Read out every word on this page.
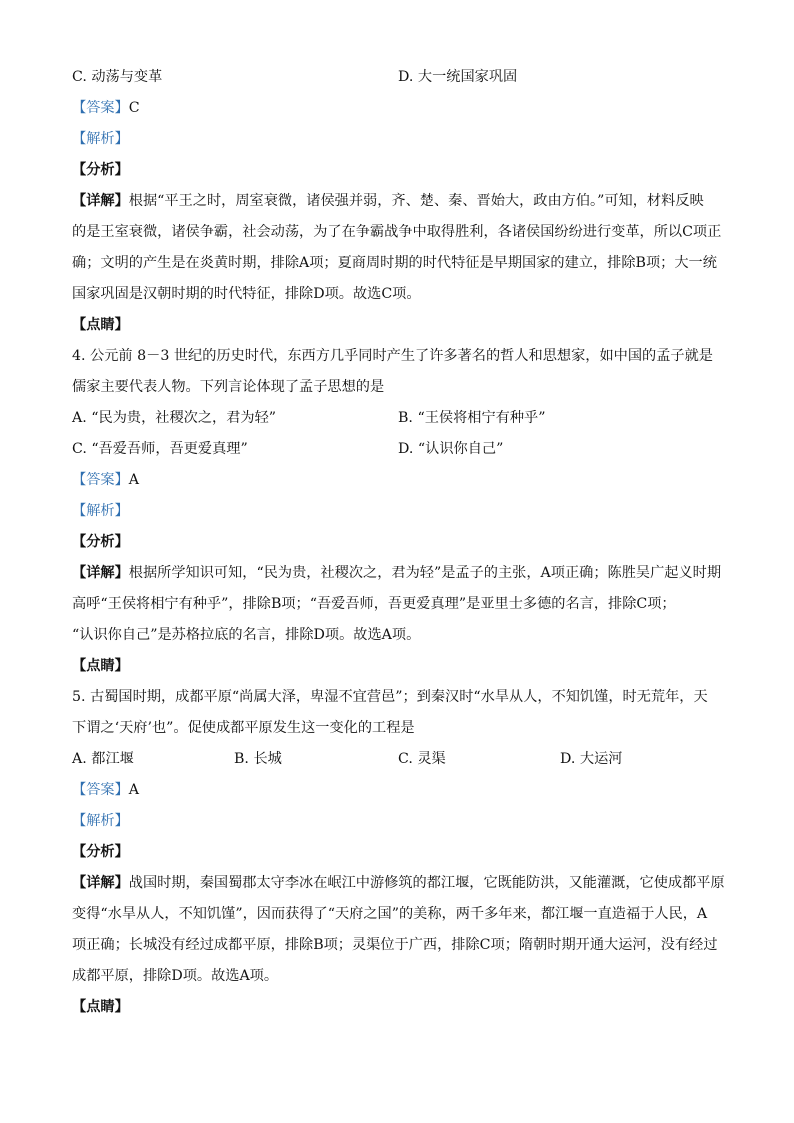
C. 动荡与变革	D. 大一统国家巩固
【答案】C
【解析】
【分析】
【详解】根据“平王之时，周室衰微，诸侯强并弱，齐、楚、秦、晋始大，政由方伯。”可知，材料反映
的是王室衰微，诸侯争霸，社会动荡，为了在争霸战争中取得胜利，各诸侯国纷纷进行变革，所以C项正
确；文明的产生是在炎黄时期，排除A项；夏商周时期的时代特征是早期国家的建立，排除B项；大一统
国家巩固是汉朝时期的时代特征，排除D项。故选C项。
【点睛】
4. 公元前 8－3 世纪的历史时代，东西方几乎同时产生了许多著名的哲人和思想家，如中国的孟子就是
儒家主要代表人物。下列言论体现了孟子思想的是
A. “民为贵，社稷次之，君为轻”	B. “王侯将相宁有种乎”
C. “吾爱吾师，吾更爱真理”	D. “认识你自己”
【答案】A
【解析】
【分析】
【详解】根据所学知识可知，“民为贵，社稷次之，君为轻”是孟子的主张，A项正确；陈胜吴广起义时期
高呼“王侯将相宁有种乎”，排除B项；“吾爱吾师，吾更爱真理”是亚里士多德的名言，排除C项；
“认识你自己”是苏格拉底的名言，排除D项。故选A项。
【点睛】
5. 古蜀国时期，成都平原“尚属大泽，卑湿不宜营邑”；到秦汉时“水旱从人，不知饥馑，时无荒年，天
下谓之‘天府’也”。促使成都平原发生这一变化的工程是
A. 都江堰	B. 长城	C. 灵渠	D. 大运河
【答案】A
【解析】
【分析】
【详解】战国时期，秦国蜀郡太守李冰在岷江中游修筑的都江堰，它既能防洪，又能灌溉，它使成都平原
变得“水旱从人，不知饥馑”，因而获得了“天府之国”的美称，两千多年来，都江堰一直造福于人民，A
项正确；长城没有经过成都平原，排除B项；灵渠位于广西，排除C项；隋朝时期开通大运河，没有经过
成都平原，排除D项。故选A项。
【点睛】
